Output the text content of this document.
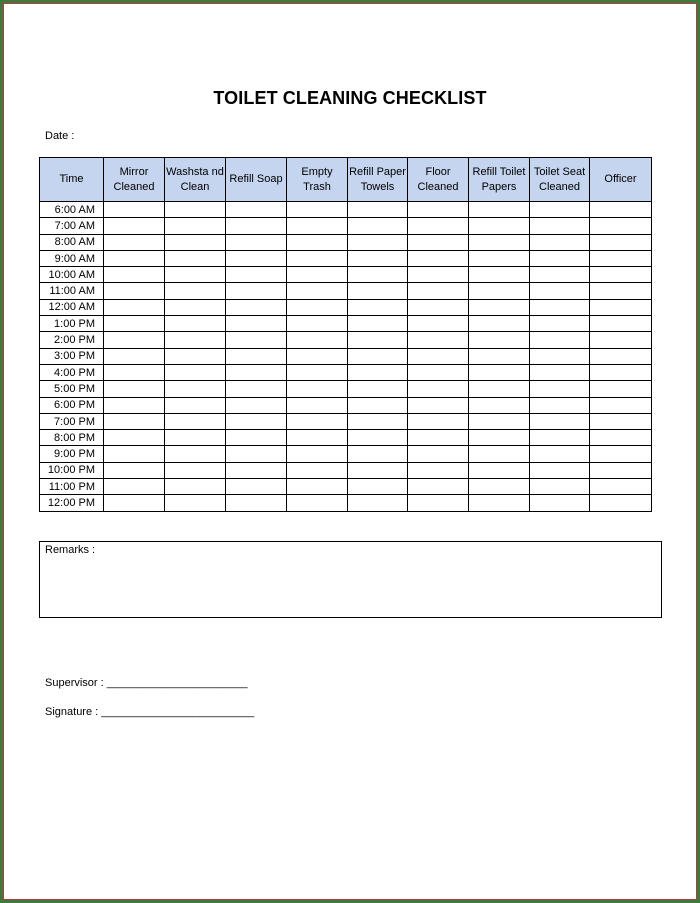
TOILET CLEANING CHECKLIST
Date :
Time	Mirror Cleaned	Washsta nd Clean	Refill Soap	Empty Trash	Refill Paper Towels	Floor Cleaned	Refill Toilet Papers	Toilet Seat Cleaned	Officer
6:00 AM									
7:00 AM									
8:00 AM									
9:00 AM									
10:00 AM									
11:00 AM									
12:00 AM									
1:00 PM									
2:00 PM									
3:00 PM									
4:00 PM									
5:00 PM									
6:00 PM									
7:00 PM									
8:00 PM									
9:00 PM									
10:00 PM									
11:00 PM									
12:00 PM									
Remarks :
Supervisor : _______________________
Signature : _________________________
